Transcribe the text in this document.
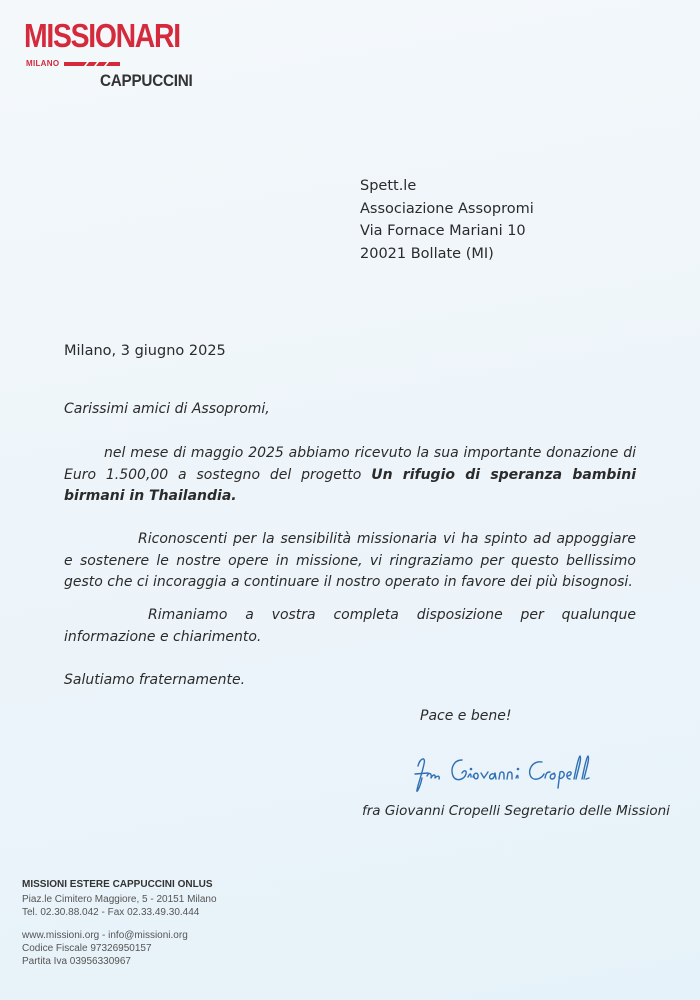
MISSIONARI
MILANO
CAPPUCCINI
Spett.le
Associazione Assopromi
Via Fornace Mariani 10
20021 Bollate (MI)
Milano, 3 giugno 2025
Carissimi amici di Assopromi,
nel mese di maggio 2025 abbiamo ricevuto la sua importante donazione di Euro 1.500,00 a sostegno del progetto Un rifugio di speranza bambini birmani in Thailandia.
Riconoscenti per la sensibilità missionaria vi ha spinto ad appoggiare e sostenere le nostre opere in missione, vi ringraziamo per questo bellissimo gesto che ci incoraggia a continuare il nostro operato in favore dei più bisognosi.
Rimaniamo a vostra completa disposizione per qualunque informazione e chiarimento.
Salutiamo fraternamente.
Pace e bene!
fra Giovanni Cropelli Segretario delle Missioni
MISSIONI ESTERE CAPPUCCINI ONLUS
Piaz.le Cimitero Maggiore, 5 - 20151 Milano
Tel. 02.30.88.042 - Fax 02.33.49.30.444
www.missioni.org - info@missioni.org
Codice Fiscale 97326950157
Partita Iva 03956330967
